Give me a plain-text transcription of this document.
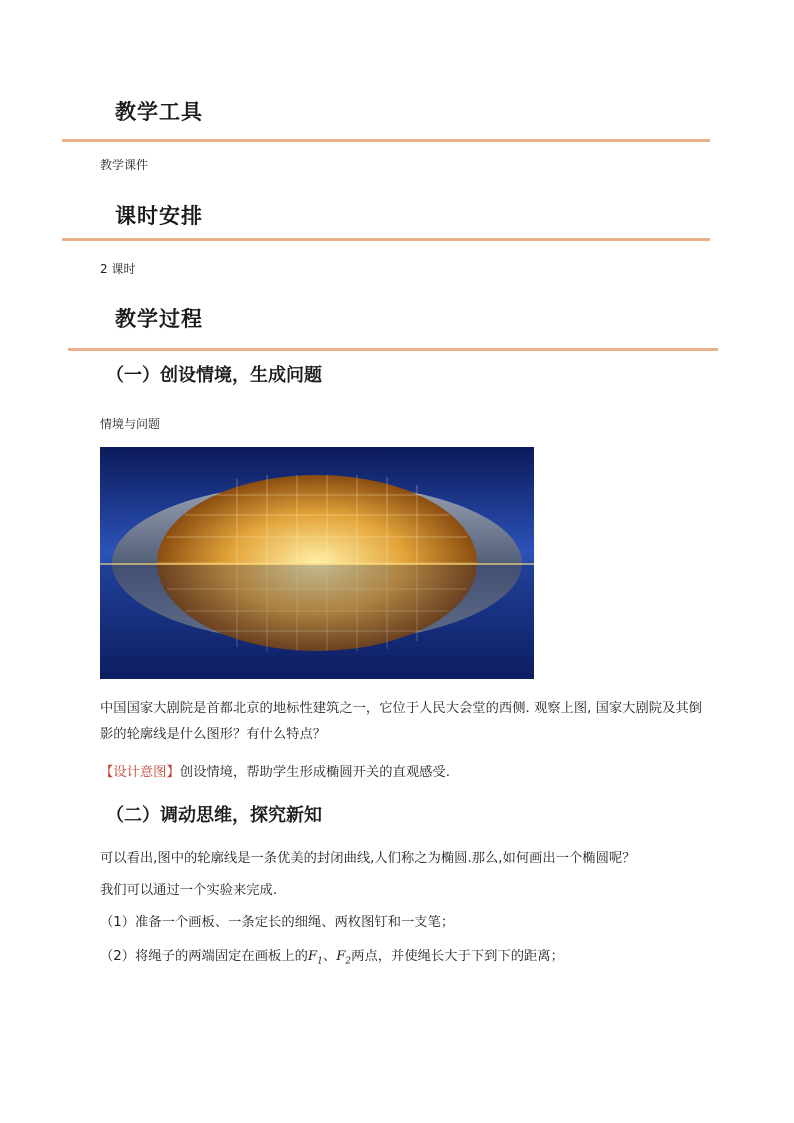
教学工具
教学课件
课时安排
2 课时
教学过程
（一）创设情境，生成问题
情境与问题
中国国家大剧院是首都北京的地标性建筑之一，它位于人民大会堂的西侧. 观察上图, 国家大剧院及其倒影的轮廓线是什么图形？有什么特点？
【设计意图】创设情境，帮助学生形成椭圆开关的直观感受.
（二）调动思维，探究新知
可以看出,图中的轮廓线是一条优美的封闭曲线,人们称之为椭圆.那么,如何画出一个椭圆呢？
我们可以通过一个实验来完成.
（1）准备一个画板、一条定长的细绳、两枚图钉和一支笔；
（2）将绳子的两端固定在画板上的$F_1$、$F_2$两点，并使绳长大于下到下的距离；
